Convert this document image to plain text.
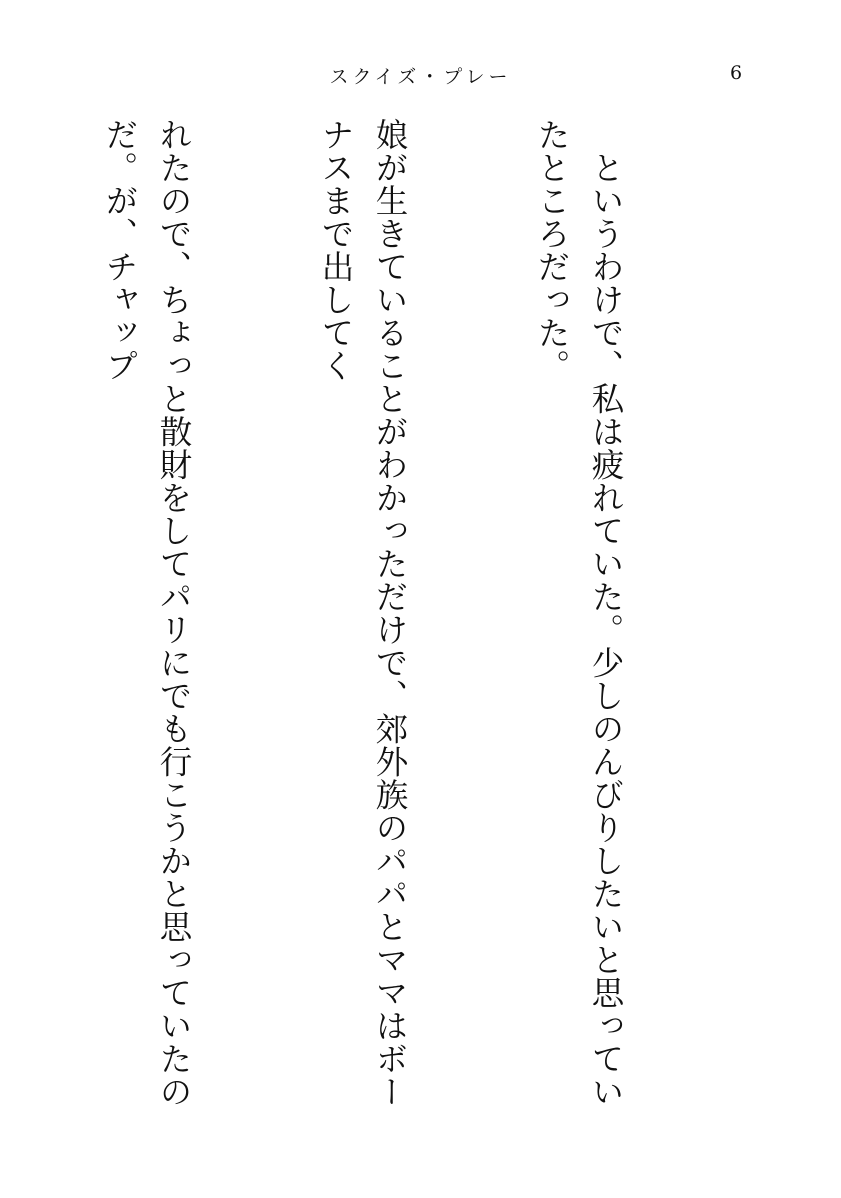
スクイズ・プレー	6

　というわけで、私は疲れていた。少しのんびりしたいと思っていたところだった。

娘が生きていることがわかっただけで、郊外族のパパとママはボーナスまで出してく

れたので、ちょっと散財をしてパリにでも行こうかと思っていたのだ。が、チャップ
